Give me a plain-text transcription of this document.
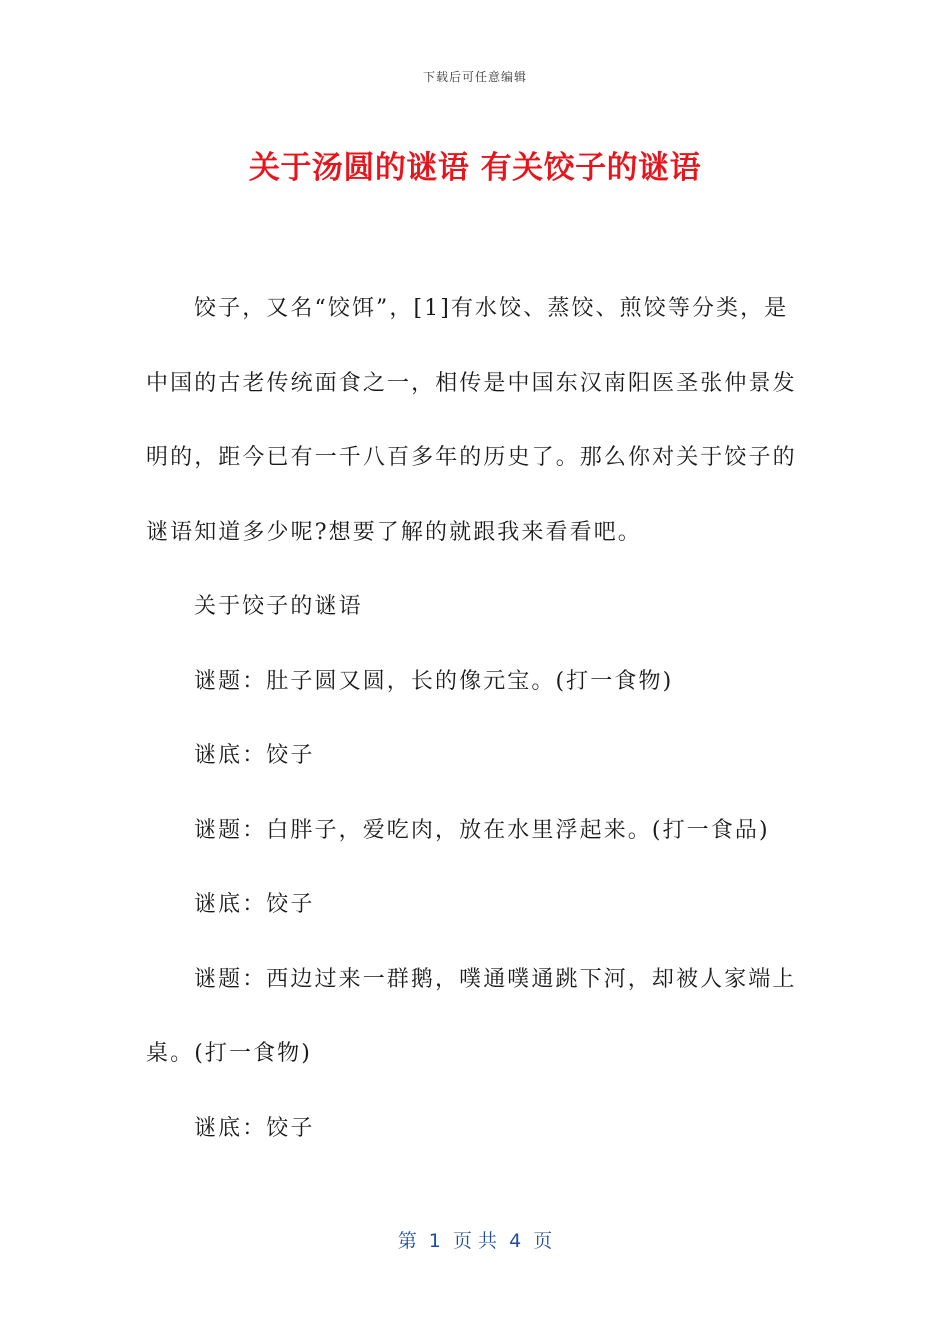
下载后可任意编辑
关于汤圆的谜语 有关饺子的谜语

饺子，又名“饺饵”，[1]有水饺、蒸饺、煎饺等分类，是

中国的古老传统面食之一，相传是中国东汉南阳医圣张仲景发

明的，距今已有一千八百多年的历史了。那么你对关于饺子的

谜语知道多少呢?想要了解的就跟我来看看吧。

关于饺子的谜语

谜题：肚子圆又圆，长的像元宝。(打一食物)

谜底：饺子

谜题：白胖子，爱吃肉，放在水里浮起来。(打一食品)

谜底：饺子

谜题：西边过来一群鹅，噗通噗通跳下河，却被人家端上

桌。(打一食物)

谜底：饺子

第  1  页 共  4  页
